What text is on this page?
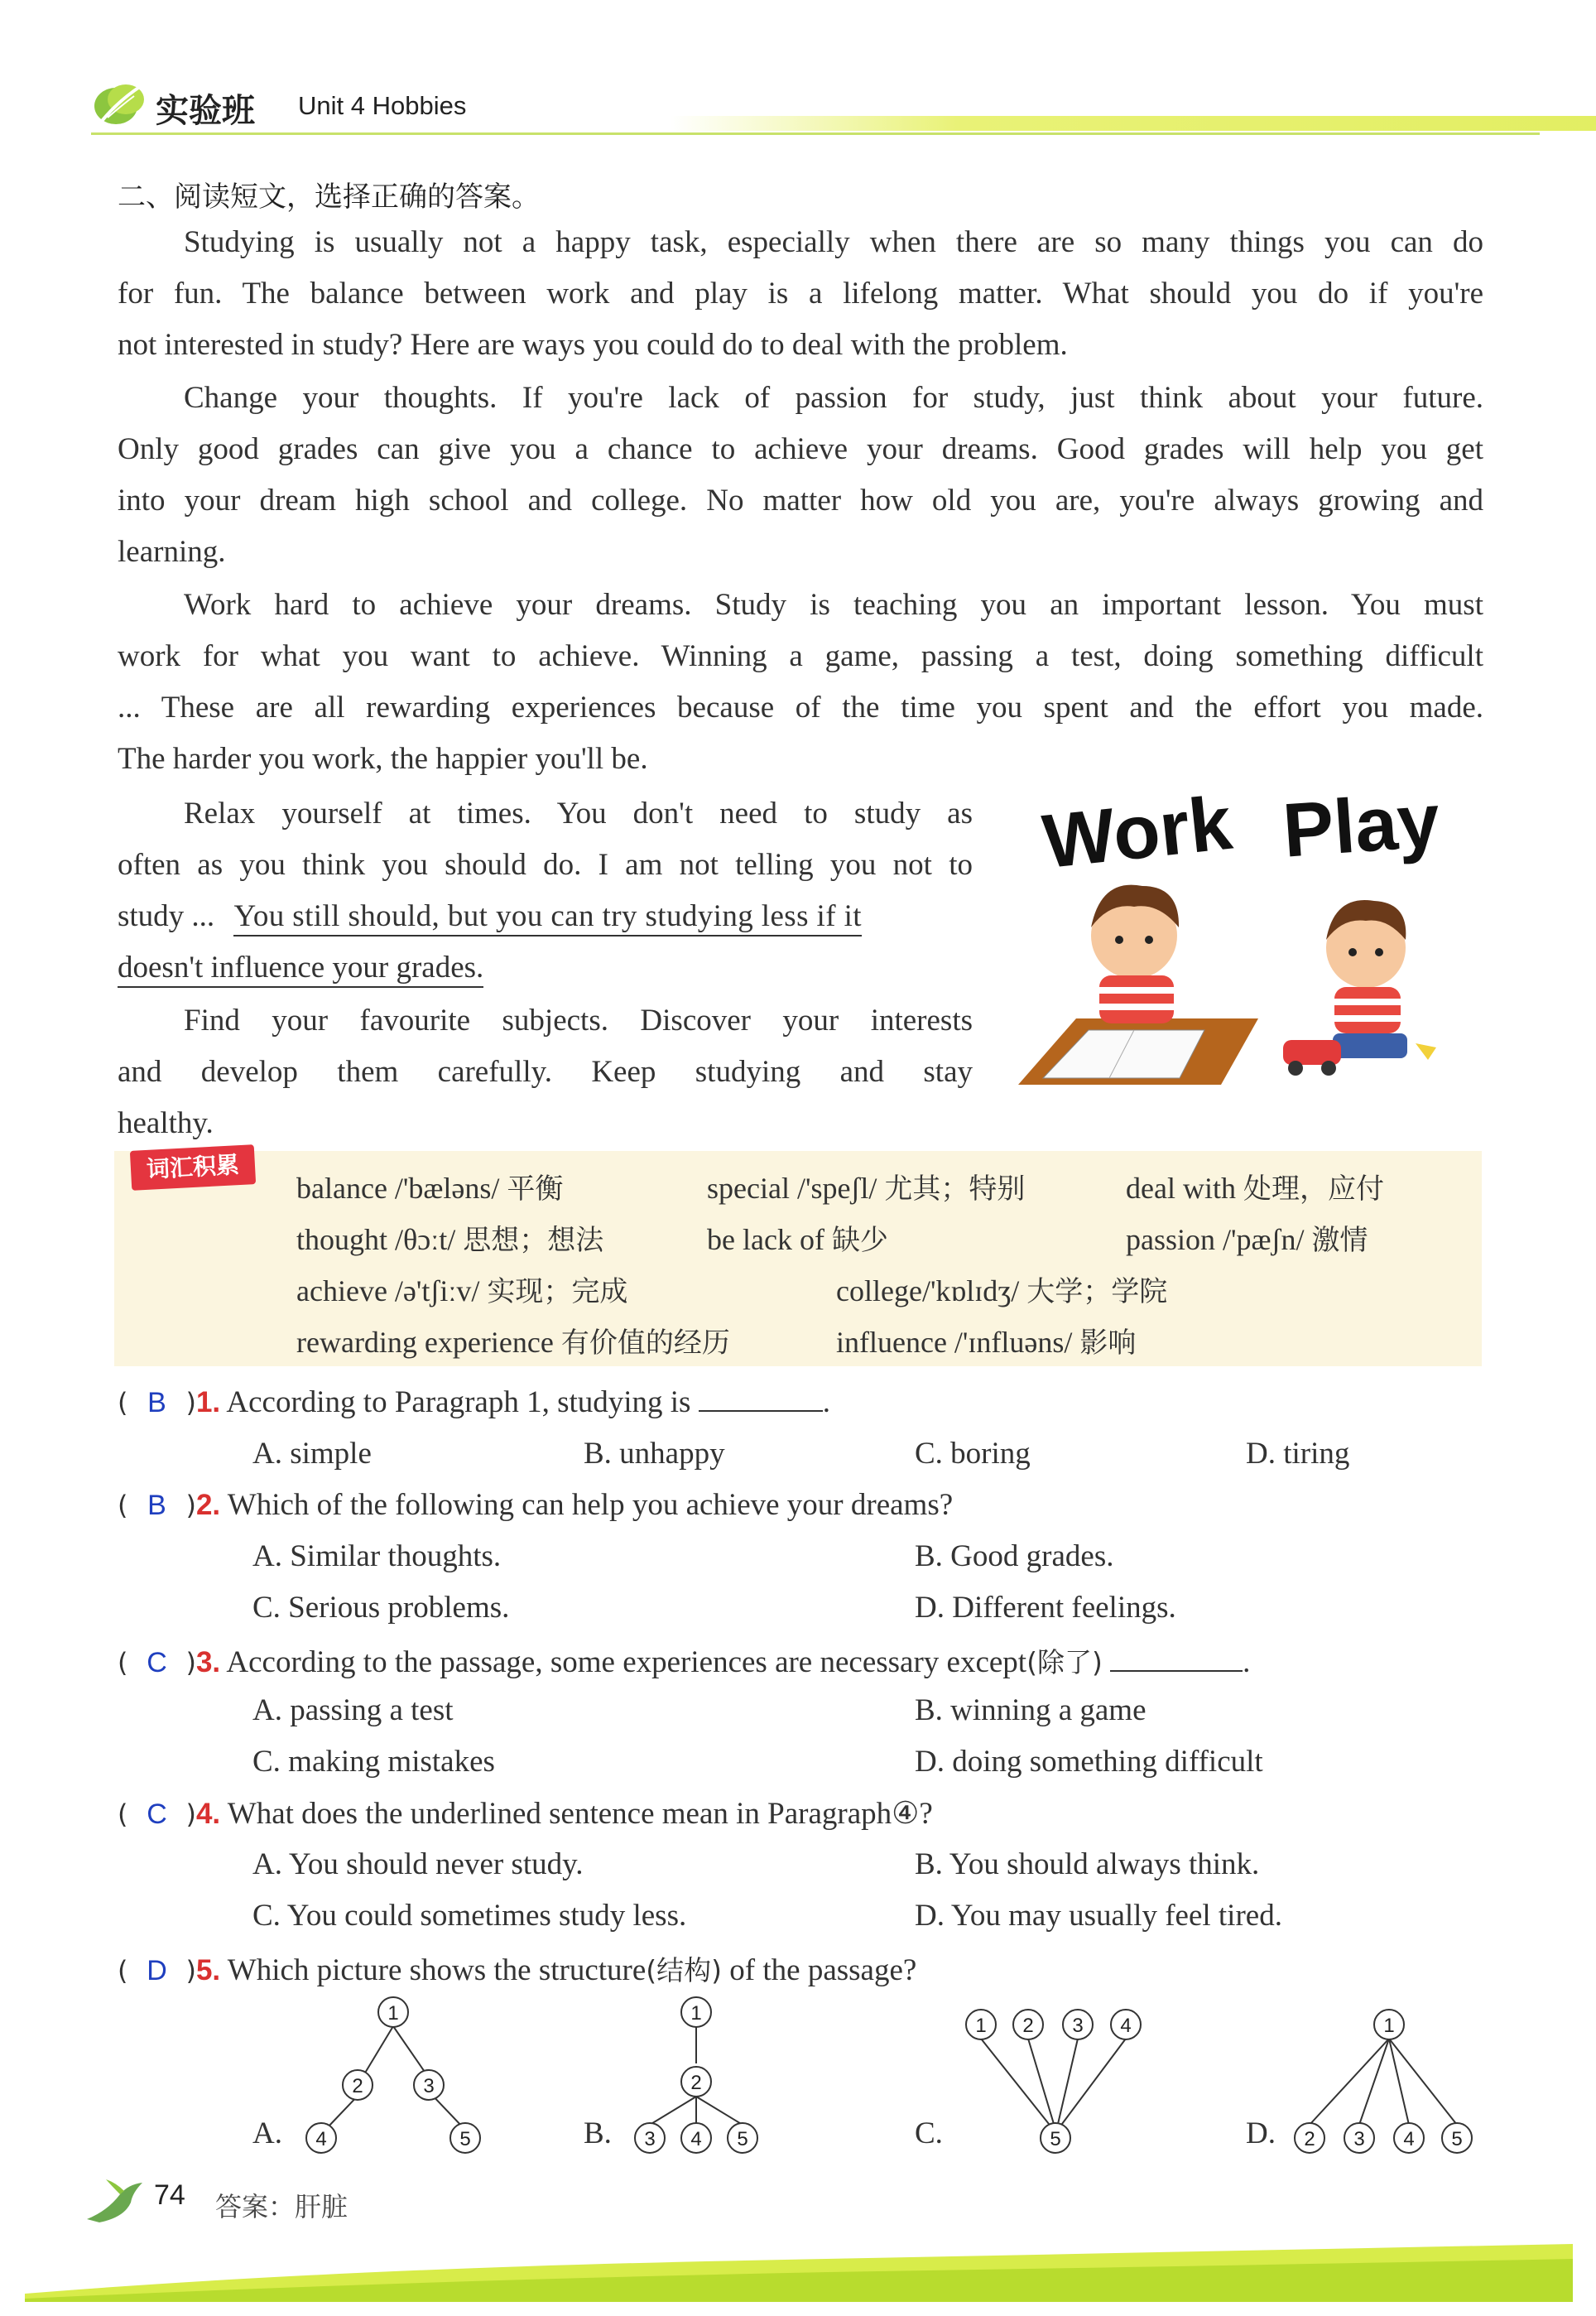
实验班 Unit 4 Hobbies
二、阅读短文，选择正确的答案。
Studying is usually not a happy task, especially when there are so many things you can do
for fun. The balance between work and play is a lifelong matter. What should you do if you're
not interested in study? Here are ways you could do to deal with the problem.
Change your thoughts. If you're lack of passion for study, just think about your future.
Only good grades can give you a chance to achieve your dreams. Good grades will help you get
into your dream high school and college. No matter how old you are, you're always growing and
learning.
Work hard to achieve your dreams. Study is teaching you an important lesson. You must
work for what you want to achieve. Winning a game, passing a test, doing something difficult
... These are all rewarding experiences because of the time you spent and the effort you made.
The harder you work, the happier you'll be.
Relax yourself at times. You don't need to study as
often as you think you should do. I am not telling you not to
study ... You still should, but you can try studying less if it
doesn't influence your grades.
Find your favourite subjects. Discover your interests
and develop them carefully. Keep studying and stay
healthy.
Work Play
词汇积累
balance /'bæləns/ 平衡	special /'speʃl/ 尤其；特别	deal with 处理，应付
thought /θɔːt/ 思想；想法	be lack of 缺少	passion /'pæʃn/ 激情
achieve /ə'tʃiːv/ 实现；完成	college/'kɒlɪdʒ/ 大学；学院
rewarding experience 有价值的经历	influence /'ɪnfluəns/ 影响
( B )1. According to Paragraph 1, studying is	.
A. simple	B. unhappy	C. boring	D. tiring
( B )2. Which of the following can help you achieve your dreams?
A. Similar thoughts.	B. Good grades.
C. Serious problems.	D. Different feelings.
( C )3. According to the passage, some experiences are necessary except(除了)	.
A. passing a test	B. winning a game
C. making mistakes	D. doing something difficult
( C )4. What does the underlined sentence mean in Paragraph④?
A. You should never study.	B. You should always think.
C. You could sometimes study less.	D. You may usually feel tired.
( D )5. Which picture shows the structure(结构) of the passage?
A.
1
2	3
4	5	B.
1
2
3 4 5	C.
1 2 3 4
5	D.
1
2 3 4 5
74 答案：肝脏
